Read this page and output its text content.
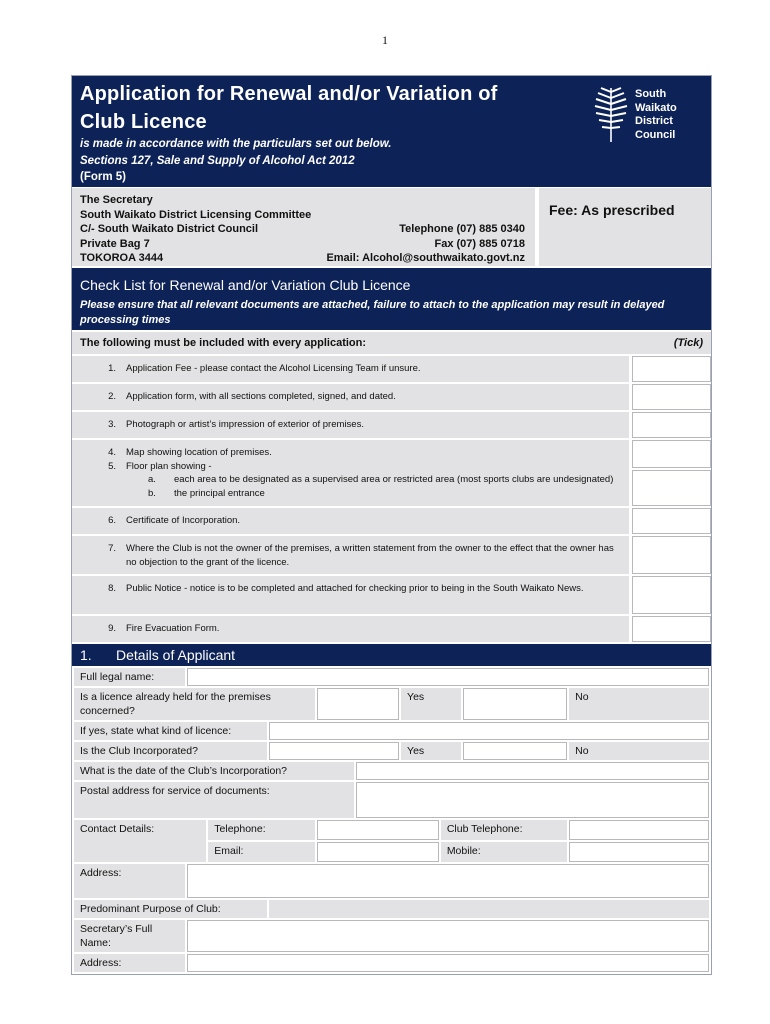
1
Application for Renewal and/or Variation of
Club Licence
is made in accordance with the particulars set out below.
Sections 127, Sale and Supply of Alcohol Act 2012
(Form 5)
South
Waikato
District
Council
The Secretary
South Waikato District Licensing Committee
C/- South Waikato District Council
Private Bag 7
TOKOROA 3444
Telephone (07) 885 0340
Fax (07) 885 0718
Email: Alcohol@southwaikato.govt.nz
Fee: As prescribed
Check List for Renewal and/or Variation Club Licence
Please ensure that all relevant documents are attached, failure to attach to the application may result in delayed processing times
The following must be included with every application:	(Tick)
1. Application Fee - please contact the Alcohol Licensing Team if unsure.
2. Application form, with all sections completed, signed, and dated.
3. Photograph or artist’s impression of exterior of premises.
4. Map showing location of premises.
5. Floor plan showing -
a.	each area to be designated as a supervised area or restricted area (most sports clubs are undesignated)
b.	the principal entrance
6. Certificate of Incorporation.
7. Where the Club is not the owner of the premises, a written statement from the owner to the effect that the owner has no objection to the grant of the licence.
8. Public Notice - notice is to be completed and attached for checking prior to being in the South Waikato News.
9. Fire Evacuation Form.
1.	Details of Applicant
Full legal name:									
Is a licence already held for the premises concerned?						Yes			No
If yes, state what kind of licence:									
Is the Club Incorporated?						Yes			No
What is the date of the Club’s Incorporation?									
Postal address for service of documents:									
Contact Details:		Telephone:					Club Telephone:		
		Email:					Mobile:		
Address:									
Predominant Purpose of Club:									
Secretary’s Full Name:									
Address:									
